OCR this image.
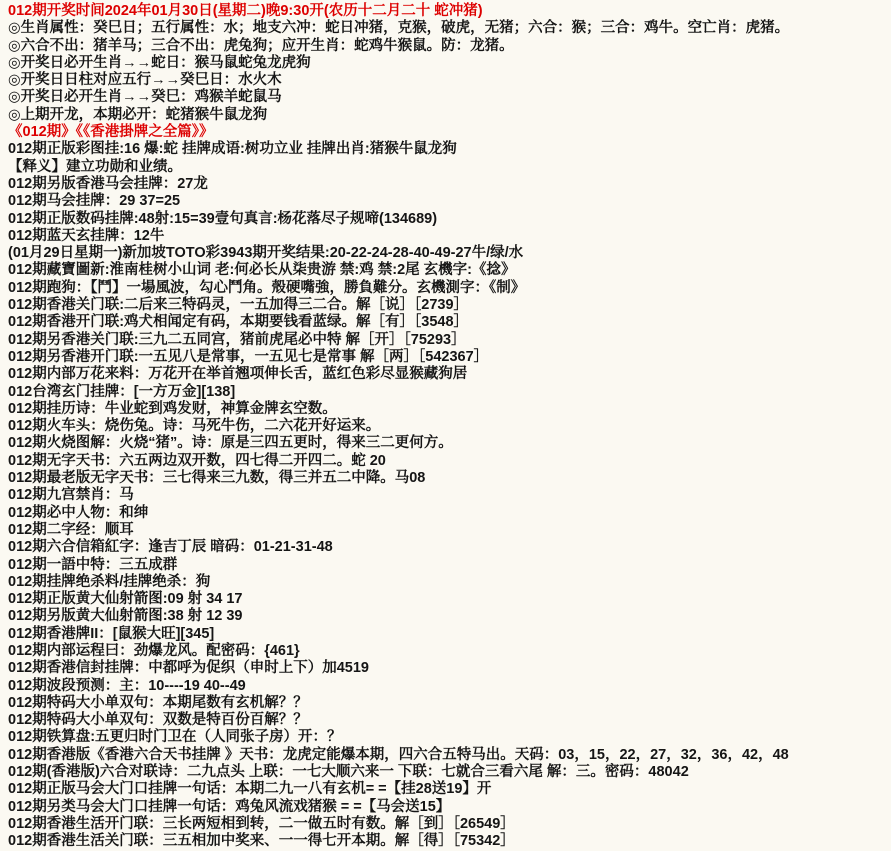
012期开奖时间2024年01月30日(星期二)晚9:30开(农历十二月二十 蛇冲猪)
◎生肖属性：癸巳日；五行属性：水；地支六冲：蛇日冲猪，克猴，破虎，无猪；六合：猴；三合：鸡牛。空亡肖：虎猪。
◎六合不出：猪羊马；三合不出：虎兔狗；应开生肖：蛇鸡牛猴鼠。防：龙猪。
◎开奖日必开生肖→→蛇日：猴马鼠蛇兔龙虎狗
◎开奖日日柱对应五行→→癸巳日：水火木
◎开奖日必开生肖→→癸巳：鸡猴羊蛇鼠马
◎上期开龙，本期必开：蛇猪猴牛鼠龙狗
《012期》《《香港掛牌之全篇》》
012期正版彩图挂:16 爆:蛇 挂牌成语:树功立业 挂牌出肖:猪猴牛鼠龙狗
【释义】建立功勋和业绩。
012期另版香港马会挂牌：27龙
012期马会挂牌：29 37=25
012期正版数码挂牌:48射:15=39壹句真言:杨花落尽子规啼(134689)
012期蓝天玄挂牌：12牛
(01月29日星期一)新加坡TOTO彩3943期开奖结果:20-22-24-28-40-49-27牛/绿/水
012期藏寶圖新:淮南桂树小山词 老:何必长从柒贵游 禁:鸡 禁:2尾 玄機字:《捻》
012期跑狗：【鬥】一場風波，勾心鬥角。殼硬嘴強，勝負難分。玄機測字：《制》
012期香港关门联:二后来三特码灵，一五加得三二合。解［说］［2739］
012期香港开门联:鸡犬相闻定有码，本期要钱看蓝绿。解［有］［3548］
012期另香港关门联:三九二五同宫，猪前虎尾必中特 解［开］［75293］
012期另香港开门联:一五见八是常事，一五见七是常事 解［两］［542367］
012期内部万花来料：万花开在举首翘项伸长舌，蓝红色彩尽显猴藏狗居
012台湾玄门挂牌：[一方万金][138]
012期挂历诗：牛业蛇到鸡发财，神算金牌玄空数。
012期火车头：烧伤兔。诗：马死牛伤，二六花开好运来。
012期火烧图解：火烧“猪”。诗：原是三四五更时，得来三二更何方。
012期无字天书：六五两边双开数，四七得二开四二。蛇 20
012期最老版无字天书：三七得来三九数，得三并五二中降。马08
012期九宫禁肖：马
012期必中人物：和绅
012期二字经：顺耳
012期六合信箱紅字：逢吉丁辰 暗码：01-21-31-48
012期一語中特：三五成群
012期挂牌绝杀料/挂牌绝杀：狗
012期正版黄大仙射箭图:09 射 34 17
012期另版黄大仙射箭图:38 射 12 39
012期香港牌II：[鼠猴大旺][345]
012期内部运程曰：劲爆龙风。配密码：{461}
012期香港信封挂牌：中都呼为促织（申时上下）加4519
012期波段预测：主：10----19 40--49
012期特码大小单双句：本期尾数有玄机解？？
012期特码大小单双句：双数是特百份百解？？
012期铁算盘:五更归时门卫在（人同张子房）开：？
012期香港版《香港六合天书挂牌 》天书：龙虎定能爆本期，四六合五特马出。天码：03，15，22，27，32，36，42，48
012期(香港版)六合对联诗：二九点头 上联：一七大顺六来一 下联：七就合三看六尾 解：三。密码：48042
012期正版马会大门口挂牌一句话：本期二九一八有玄机= =【挂28送19】开
012期另类马会大门口挂牌一句话：鸡兔风流戏猪猴 = =【马会送15】
012期香港生活开门联：三长两短相到转，二一做五时有数。解［到］［26549］
012期香港生活关门联：三五相加中奖来、一一得七开本期。解［得］［75342］
